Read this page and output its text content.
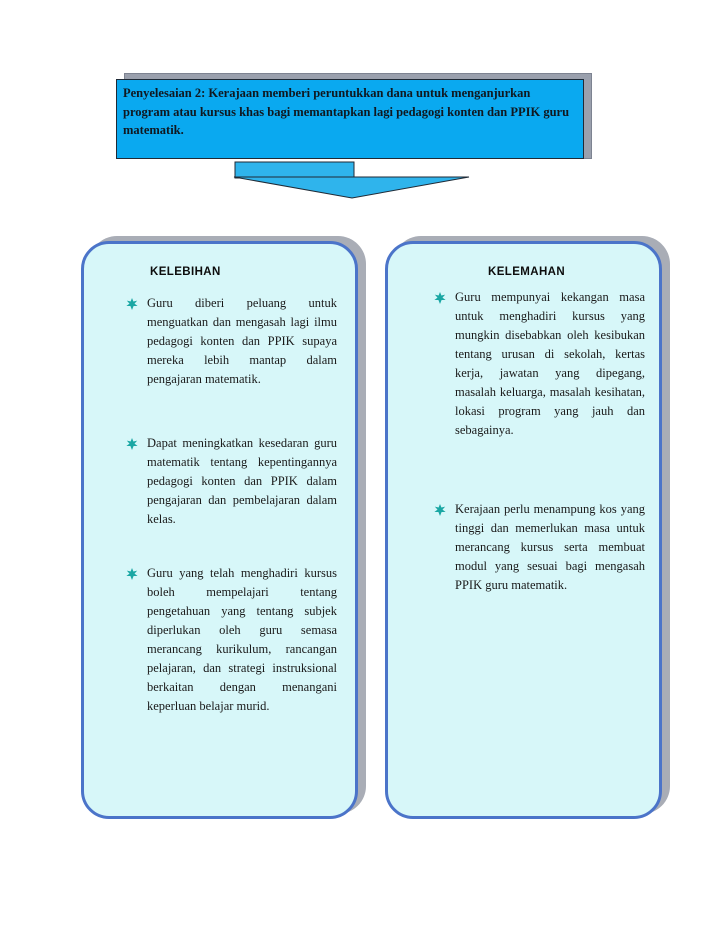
Penyelesaian 2: Kerajaan memberi peruntukkan dana untuk menganjurkan program atau kursus khas bagi memantapkan lagi pedagogi konten dan PPIK guru matematik.
KELEBIHAN
Guru diberi peluang untuk menguatkan dan mengasah lagi ilmu pedagogi konten dan PPIK supaya mereka lebih mantap dalam pengajaran matematik.
Dapat meningkatkan kesedaran guru matematik tentang kepentingannya pedagogi konten dan PPIK dalam pengajaran dan pembelajaran dalam kelas.
Guru yang telah menghadiri kursus boleh mempelajari tentang pengetahuan yang tentang subjek diperlukan oleh guru semasa merancang kurikulum, rancangan pelajaran, dan strategi instruksional berkaitan dengan menangani keperluan belajar murid.
KELEMAHAN
Guru mempunyai kekangan masa untuk menghadiri kursus yang mungkin disebabkan oleh kesibukan tentang urusan di sekolah, kertas kerja, jawatan yang dipegang, masalah keluarga, masalah kesihatan, lokasi program yang jauh dan sebagainya.
Kerajaan perlu menampung kos yang tinggi dan memerlukan masa untuk merancang kursus serta membuat modul yang sesuai bagi mengasah PPIK guru matematik.
